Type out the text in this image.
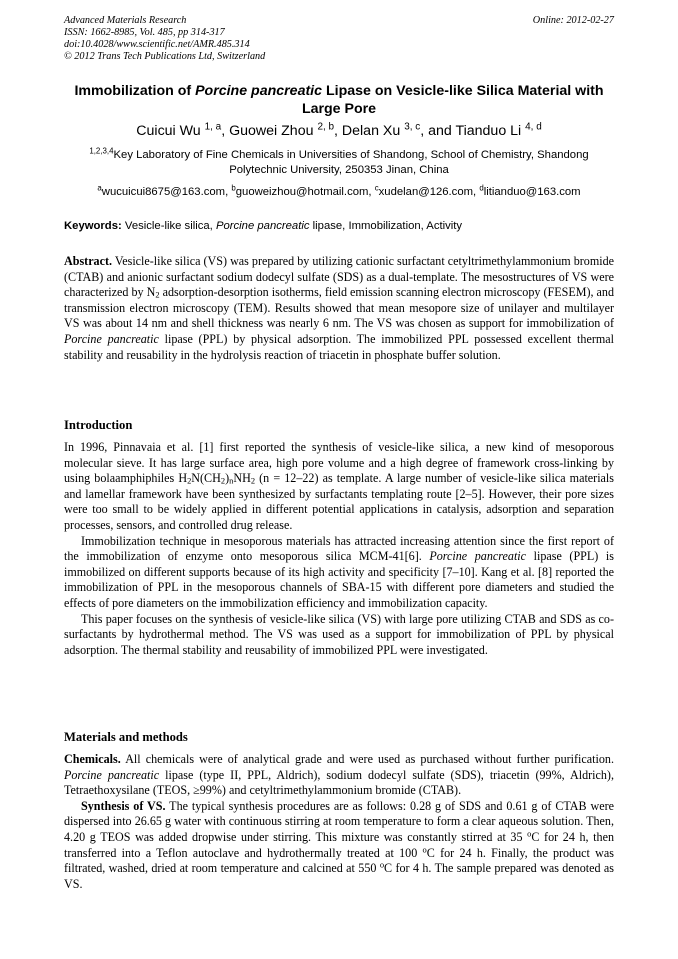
Advanced Materials Research
ISSN: 1662-8985, Vol. 485, pp 314-317
doi:10.4028/www.scientific.net/AMR.485.314
© 2012 Trans Tech Publications Ltd, Switzerland
Online: 2012-02-27
Immobilization of Porcine pancreatic Lipase on Vesicle-like Silica Material with Large Pore
Cuicui Wu $^{1, a}$, Guowei Zhou $^{2, b}$, Delan Xu $^{3, c}$, and Tianduo Li $^{4, d}$
$^{1,2,3,4}$Key Laboratory of Fine Chemicals in Universities of Shandong, School of Chemistry, Shandong Polytechnic University, 250353 Jinan, China
$^a$wucuicui8675@163.com, $^b$guoweizhou@hotmail.com, $^c$xudelan@126.com, $^d$litianduo@163.com
Keywords: Vesicle-like silica, Porcine pancreatic lipase, Immobilization, Activity

Abstract. Vesicle-like silica (VS) was prepared by utilizing cationic surfactant cetyltrimethylammonium bromide (CTAB) and anionic surfactant sodium dodecyl sulfate (SDS) as a dual-template. The mesostructures of VS were characterized by $N_2$ adsorption-desorption isotherms, field emission scanning electron microscopy (FESEM), and transmission electron microscopy (TEM). Results showed that mean mesopore size of unilayer and multilayer VS was about 14 nm and shell thickness was nearly 6 nm. The VS was chosen as support for immobilization of Porcine pancreatic lipase (PPL) by physical adsorption. The immobilized PPL possessed excellent thermal stability and reusability in the hydrolysis reaction of triacetin in phosphate buffer solution.

Introduction

In 1996, Pinnavaia et al. [1] first reported the synthesis of vesicle-like silica, a new kind of mesoporous molecular sieve. It has large surface area, high pore volume and a high degree of framework cross-linking by using bolaamphiphiles $H_2N(CH_2)_nNH_2$ (n = 12–22) as template. A large number of vesicle-like silica materials and lamellar framework have been synthesized by surfactants templating route [2–5]. However, their pore sizes were too small to be widely applied in different potential applications in catalysis, adsorption and separation processes, sensors, and controlled drug release.

Immobilization technique in mesoporous materials has attracted increasing attention since the first report of the immobilization of enzyme onto mesoporous silica MCM-41[6]. Porcine pancreatic lipase (PPL) is immobilized on different supports because of its high activity and specificity [7–10]. Kang et al. [8] reported the immobilization of PPL in the mesoporous channels of SBA-15 with different pore diameters and studied the effects of pore diameters on the immobilization efficiency and immobilization capacity.

This paper focuses on the synthesis of vesicle-like silica (VS) with large pore utilizing CTAB and SDS as co-surfactants by hydrothermal method. The VS was used as a support for immobilization of PPL by physical adsorption. The thermal stability and reusability of immobilized PPL were investigated.

Materials and methods

Chemicals. All chemicals were of analytical grade and were used as purchased without further purification. Porcine pancreatic lipase (type II, PPL, Aldrich), sodium dodecyl sulfate (SDS), triacetin (99%, Aldrich), Tetraethoxysilane (TEOS, ≥99%) and cetyltrimethylammonium bromide (CTAB).

Synthesis of VS. The typical synthesis procedures are as follows: 0.28 g of SDS and 0.61 g of CTAB were dispersed into 26.65 g water with continuous stirring at room temperature to form a clear aqueous solution. Then, 4.20 g TEOS was added dropwise under stirring. This mixture was constantly stirred at 35 $^o$C for 24 h, then transferred into a Teflon autoclave and hydrothermally treated at 100 $^o$C for 24 h. Finally, the product was filtrated, washed, dried at room temperature and calcined at 550 $^o$C for 4 h. The sample prepared was denoted as VS.
